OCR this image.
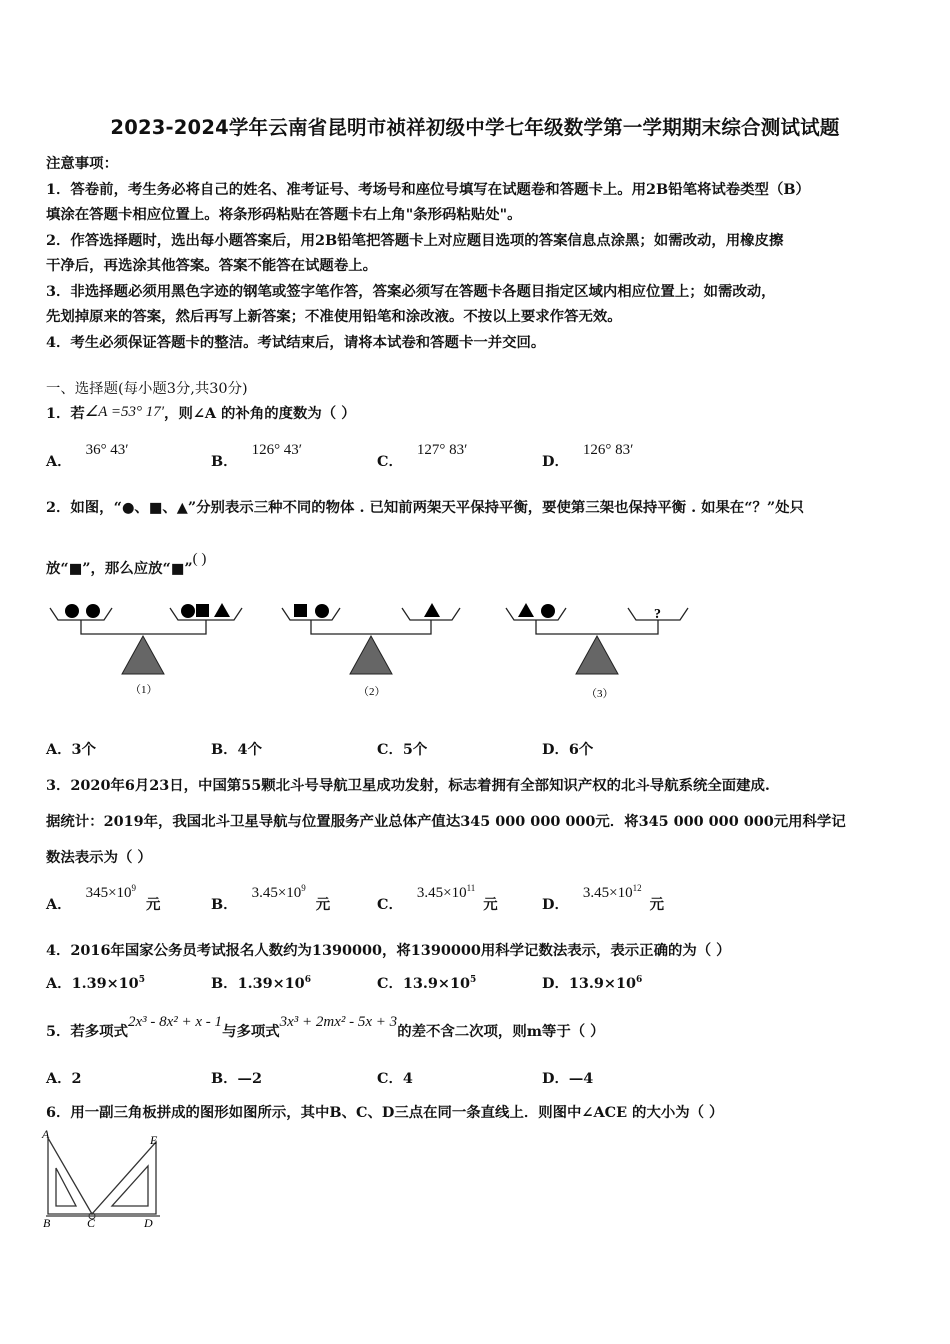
2023-2024学年云南省昆明市祯祥初级中学七年级数学第一学期期末综合测试试题
注意事项：
1．答卷前，考生务必将自己的姓名、准考证号、考场号和座位号填写在试题卷和答题卡上。用2B铅笔将试卷类型（B）
填涂在答题卡相应位置上。将条形码粘贴在答题卡右上角"条形码粘贴处"。
2．作答选择题时，选出每小题答案后，用2B铅笔把答题卡上对应题目选项的答案信息点涂黑；如需改动，用橡皮擦
干净后，再选涂其他答案。答案不能答在试题卷上。
3．非选择题必须用黑色字迹的钢笔或签字笔作答，答案必须写在答题卡各题目指定区域内相应位置上；如需改动，
先划掉原来的答案，然后再写上新答案；不准使用铅笔和涂改液。不按以上要求作答无效。
4．考生必须保证答题卡的整洁。考试结束后，请将本试卷和答题卡一并交回。
一、选择题(每小题3分,共30分)
1．若∠A =53° 17′，则∠A 的补角的度数为（ ）
A．36° 43′
B．126° 43′
C．127° 83′
D．126° 83′
2．如图，“●、■、▲”分别表示三种不同的物体 . 已知前两架天平保持平衡，要使第三架也保持平衡 . 如果在“？”处只
放“■”，那么应放“■”( )
?
（1）	（2）	（3）
A．3个	B．4个	C．5个	D．6个
3．2020年6月23日，中国第55颗北斗号导航卫星成功发射，标志着拥有全部知识产权的北斗导航系统全面建成.
据统计：2019年，我国北斗卫星导航与位置服务产业总体产值达345 000 000 000元．将345 000 000 000元用科学记
数法表示为（ ）
A．$345\times 10^9$元	B．$3.45\times 10^9$元	C．$3.45\times 10^{11}$元	D．$3.45\times 10^{12}$元
4．2016年国家公务员考试报名人数约为1390000，将1390000用科学记数法表示，表示正确的为（ ）
A．$1.39\times 10^5$	B．$1.39\times 10^6$	C．$13.9\times 10^5$	D．$13.9\times 10^6$
5．若多项式2x³ - 8x² + x - 1与多项式3x³ + 2mx² - 5x + 3的差不含二次项，则m等于（ ）
A．2	B．—2	C．4	D．—4
6．用一副三角板拼成的图形如图所示，其中B、C、D三点在同一条直线上．则图中∠ACE 的大小为（ ）
A	E
B	C	D
